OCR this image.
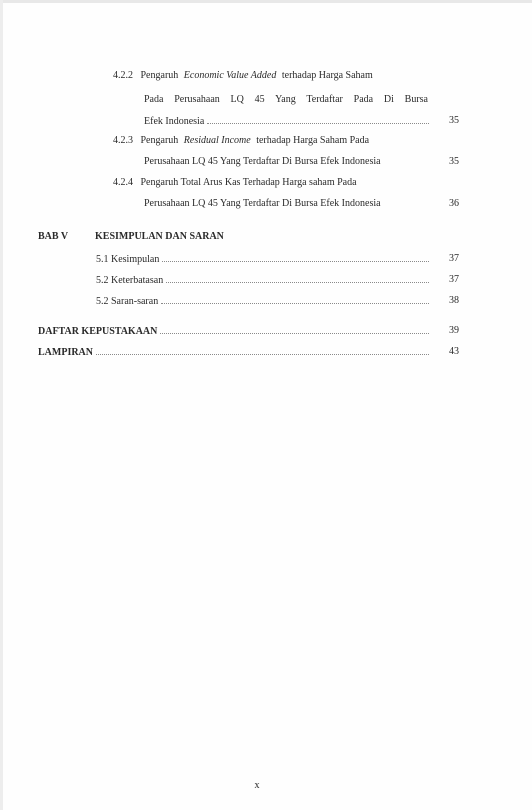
4.2.2 Pengaruh Economic Value Added terhadap Harga Saham
Pada Perusahaan LQ 45 Yang Terdaftar Pada Di Bursa
Efek Indonesia	35
4.2.3 Pengaruh Residual Income terhadap Harga Saham Pada
Perusahaan LQ 45 Yang Terdaftar Di Bursa Efek Indonesia	35
4.2.4 Pengaruh Total Arus Kas Terhadap Harga saham Pada
Perusahaan LQ 45 Yang Terdaftar Di Bursa Efek Indonesia	36
BAB V	KESIMPULAN DAN SARAN
5.1 Kesimpulan	37
5.2 Keterbatasan	37
5.2 Saran-saran	38
DAFTAR KEPUSTAKAAN	39
LAMPIRAN	43
x
